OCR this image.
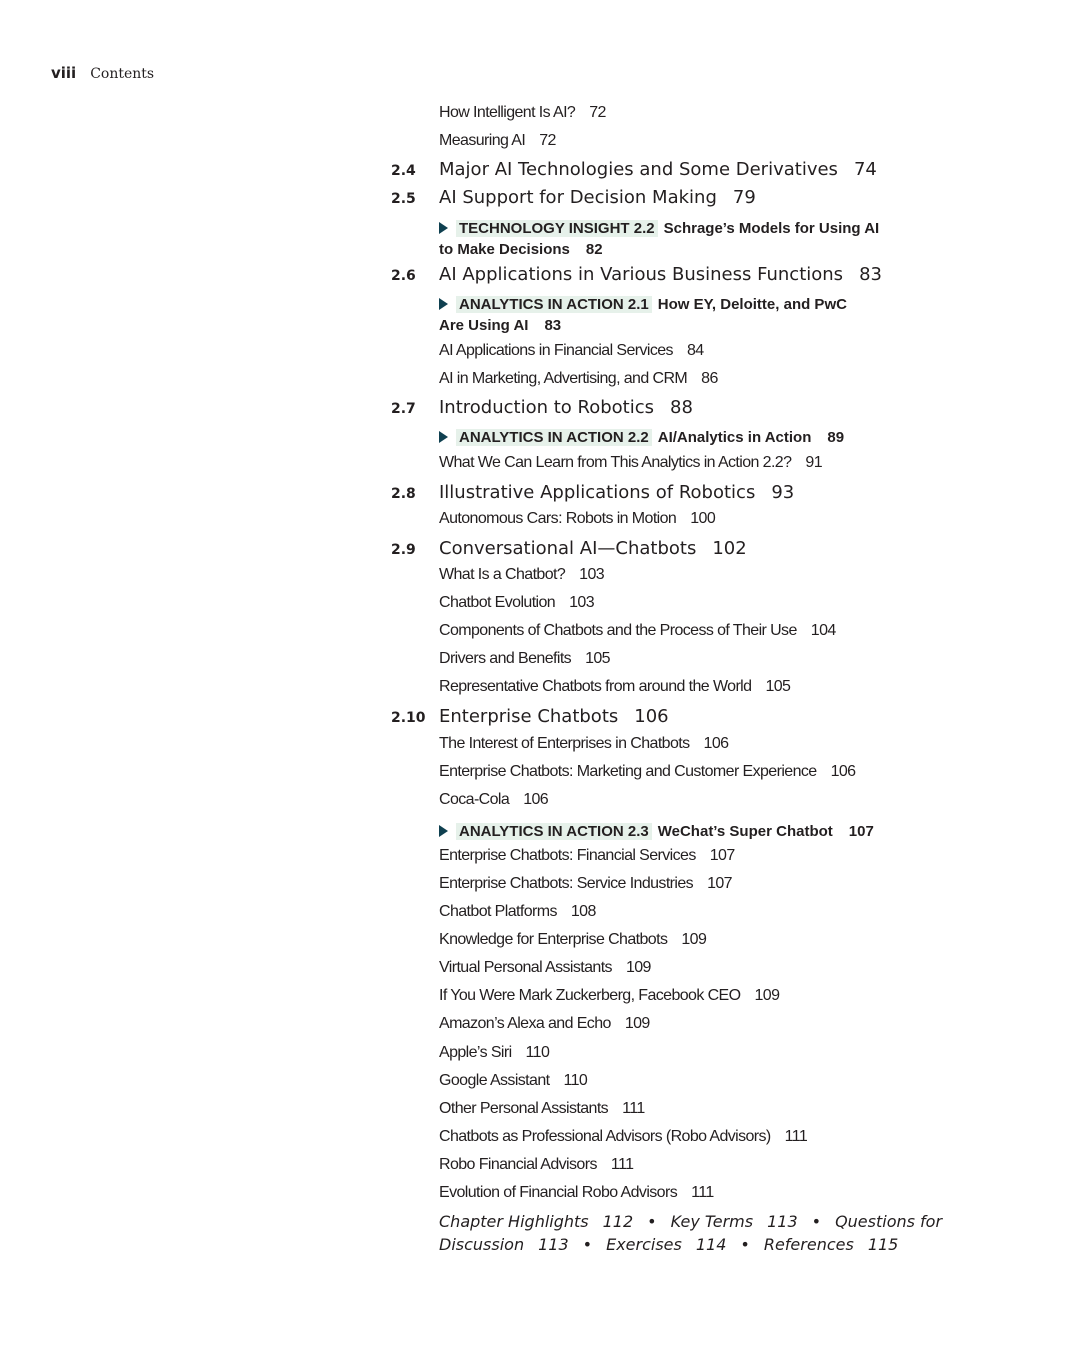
viii Contents
How Intelligent Is AI? 72
Measuring AI 72
2.4 Major AI Technologies and Some Derivatives 74
2.5 AI Support for Decision Making 79
TECHNOLOGY INSIGHT 2.2 Schrage’s Models for Using AI
to Make Decisions 82
2.6 AI Applications in Various Business Functions 83
ANALYTICS IN ACTION 2.1 How EY, Deloitte, and PwC
Are Using AI 83
AI Applications in Financial Services 84
AI in Marketing, Advertising, and CRM 86
2.7 Introduction to Robotics 88
ANALYTICS IN ACTION 2.2 AI/Analytics in Action 89
What We Can Learn from This Analytics in Action 2.2? 91
2.8 Illustrative Applications of Robotics 93
Autonomous Cars: Robots in Motion 100
2.9 Conversational AI—Chatbots 102
What Is a Chatbot? 103
Chatbot Evolution 103
Components of Chatbots and the Process of Their Use 104
Drivers and Benefits 105
Representative Chatbots from around the World 105
2.10 Enterprise Chatbots 106
The Interest of Enterprises in Chatbots 106
Enterprise Chatbots: Marketing and Customer Experience 106
Coca-Cola 106
ANALYTICS IN ACTION 2.3 WeChat’s Super Chatbot 107
Enterprise Chatbots: Financial Services 107
Enterprise Chatbots: Service Industries 107
Chatbot Platforms 108
Knowledge for Enterprise Chatbots 109
Virtual Personal Assistants 109
If You Were Mark Zuckerberg, Facebook CEO 109
Amazon’s Alexa and Echo 109
Apple’s Siri 110
Google Assistant 110
Other Personal Assistants 111
Chatbots as Professional Advisors (Robo Advisors) 111
Robo Financial Advisors 111
Evolution of Financial Robo Advisors 111
Chapter Highlights 112 • Key Terms 113 • Questions for
Discussion 113 • Exercises 114 • References 115
